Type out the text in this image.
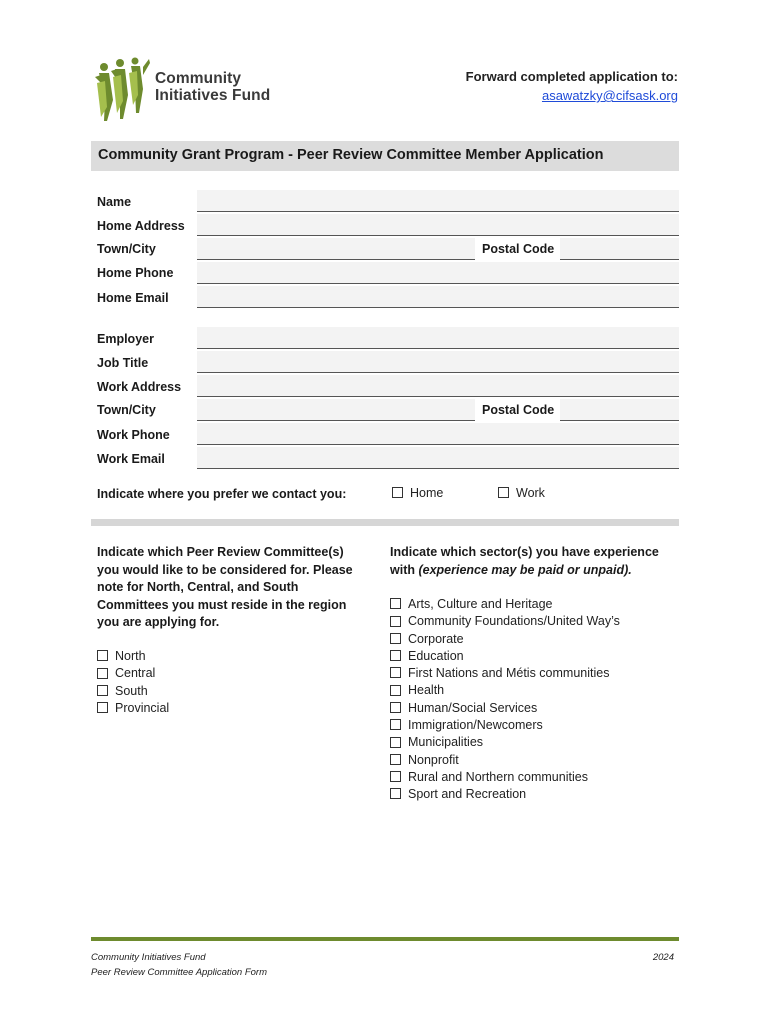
Community
Initiatives Fund
Forward completed application to:
asawatzky@cifsask.org
Community Grant Program - Peer Review Committee Member Application
Name
Home Address
Town/City	Postal Code
Home Phone
Home Email
Employer
Job Title
Work Address
Town/City	Postal Code
Work Phone
Work Email
Indicate where you prefer we contact you:	Home	Work
Indicate which Peer Review Committee(s) you would like to be considered for. Please note for North, Central, and South Committees you must reside in the region you are applying for.
North
Central
South
Provincial
Indicate which sector(s) you have experience with (experience may be paid or unpaid).
Arts, Culture and Heritage
Community Foundations/United Way’s
Corporate
Education
First Nations and Métis communities
Health
Human/Social Services
Immigration/Newcomers
Municipalities
Nonprofit
Rural and Northern communities
Sport and Recreation
Community Initiatives Fund
Peer Review Committee Application Form
2024
